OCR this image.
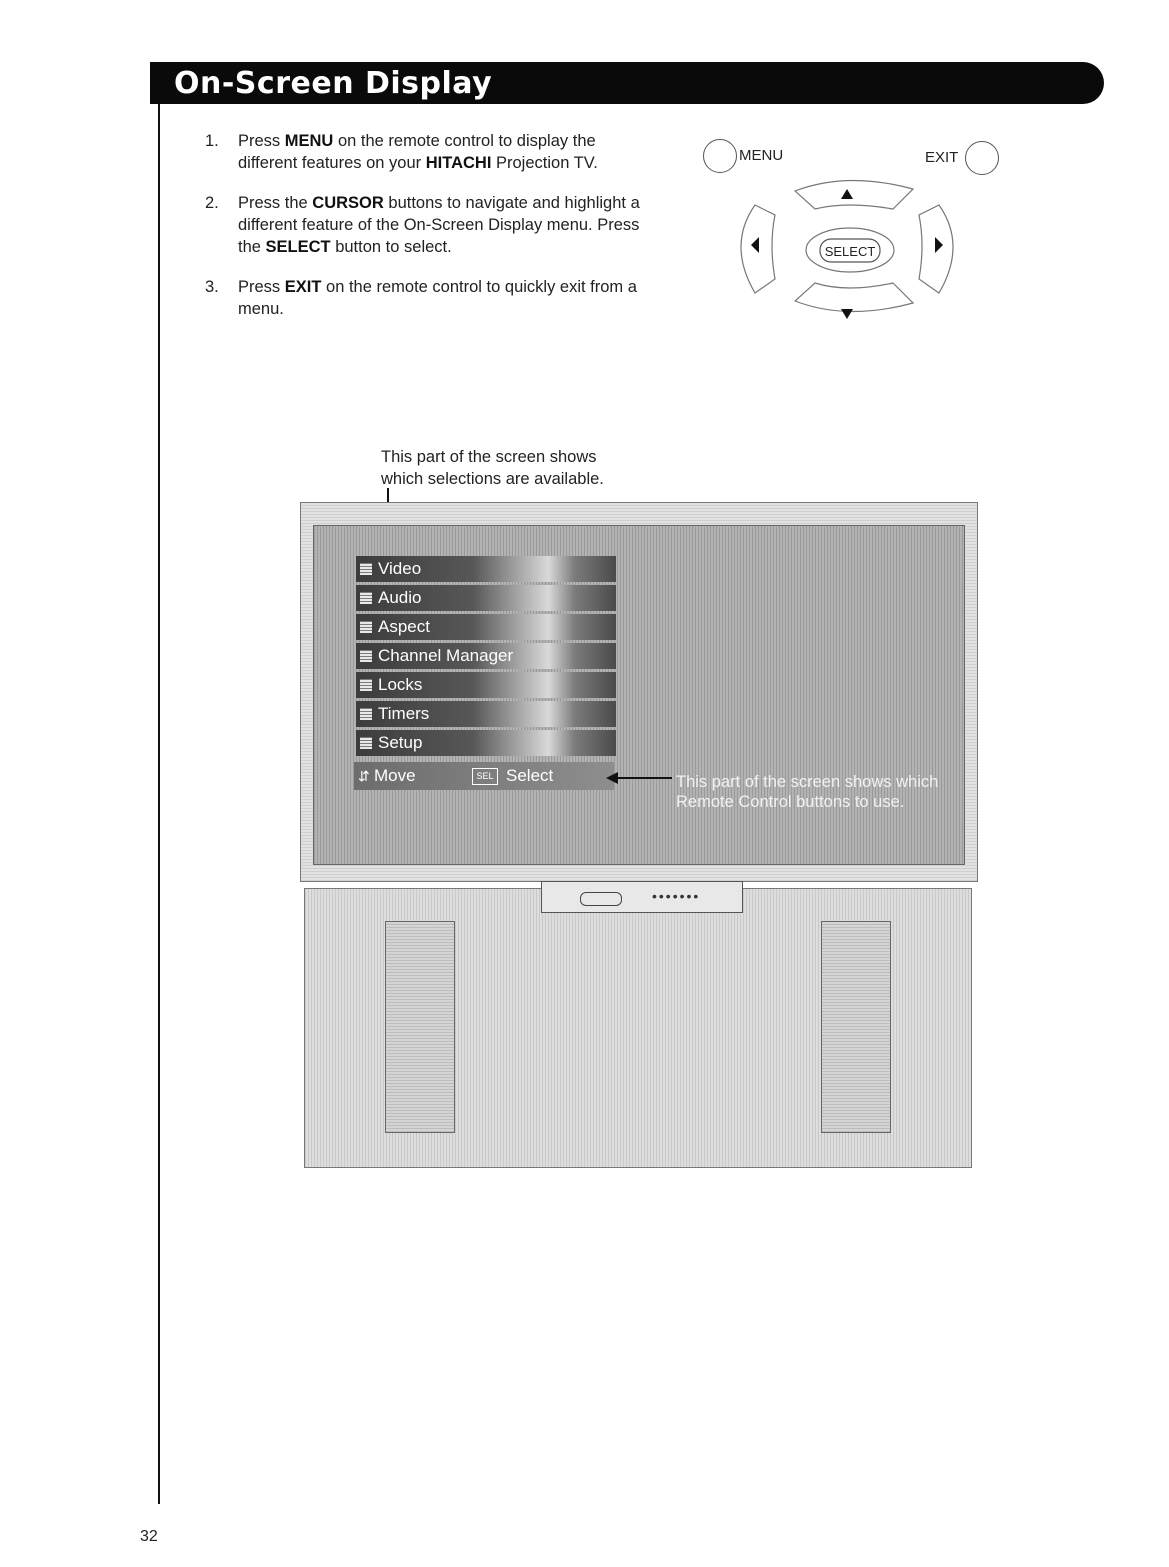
On-Screen Display
1. Press MENU on the remote control to display the different features on your HITACHI Projection TV.
2. Press the CURSOR buttons to navigate and highlight a different feature of the On-Screen Display menu. Press the SELECT button to select.
3. Press EXIT on the remote control to quickly exit from a menu.
MENU	EXIT
SELECT
This part of the screen shows which selections are available.
Video
Audio
Aspect
Channel Manager
Locks
Timers
Setup
⇵ Move	SEL Select	This part of the screen shows which Remote Control buttons to use.
•••••••
32
